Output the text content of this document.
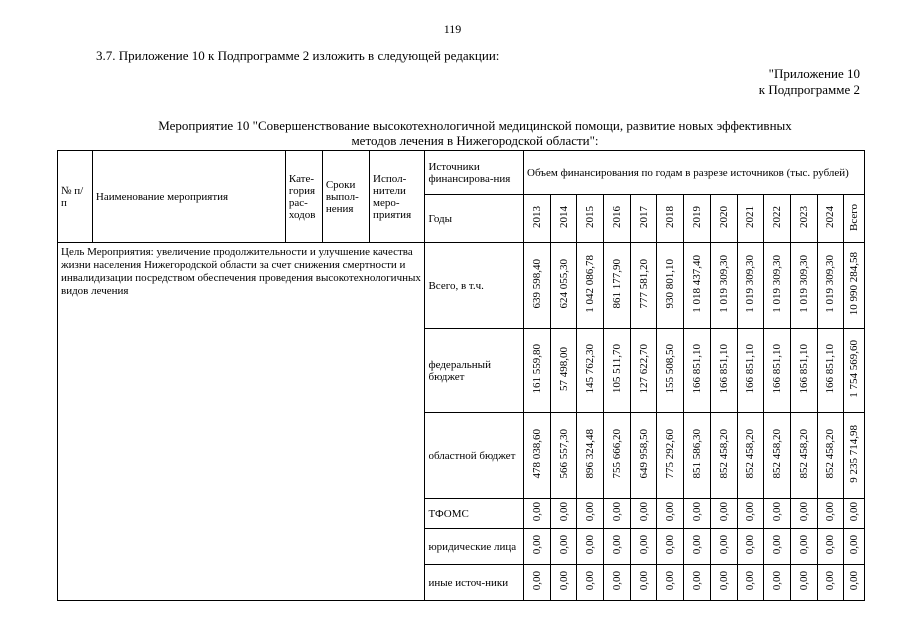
119
3.7. Приложение 10 к Подпрограмме 2 изложить в следующей редакции:
"Приложение 10
к Подпрограмме 2
Мероприятие 10 "Совершенствование высокотехнологичной медицинской помощи, развитие новых эффективных
методов лечения в Нижегородской области":
№ п/п	Наименование мероприятия	Кате-гория рас-ходов	Сроки выпол-нения	Испол-нители меро-приятия	Источники финансирова-ния	Объем финансирования по годам в разрезе источников (тыс. рублей)												
					Годы	2013	2014	2015	2016	2017	2018	2019	2020	2021	2022	2023	2024	Всего
Цель Мероприятия: увеличение продолжительности и улучшение качества жизни населения Нижегородской области за счет снижения смертности и инвалидизации посредством обеспечения проведения высокотехнологичных видов лечения					Всего, в т.ч.	639 598,40	624 055,30	1 042 086,78	861 177,90	777 581,20	930 801,10	1 018 437,40	1 019 309,30	1 019 309,30	1 019 309,30	1 019 309,30	1 019 309,30	10 990 284,58
					федеральный бюджет	161 559,80	57 498,00	145 762,30	105 511,70	127 622,70	155 508,50	166 851,10	166 851,10	166 851,10	166 851,10	166 851,10	166 851,10	1 754 569,60
					областной бюджет	478 038,60	566 557,30	896 324,48	755 666,20	649 958,50	775 292,60	851 586,30	852 458,20	852 458,20	852 458,20	852 458,20	852 458,20	9 235 714,98
					ТФОМС	0,00	0,00	0,00	0,00	0,00	0,00	0,00	0,00	0,00	0,00	0,00	0,00	0,00
					юридические лица	0,00	0,00	0,00	0,00	0,00	0,00	0,00	0,00	0,00	0,00	0,00	0,00	0,00
					иные источ-ники	0,00	0,00	0,00	0,00	0,00	0,00	0,00	0,00	0,00	0,00	0,00	0,00	0,00
